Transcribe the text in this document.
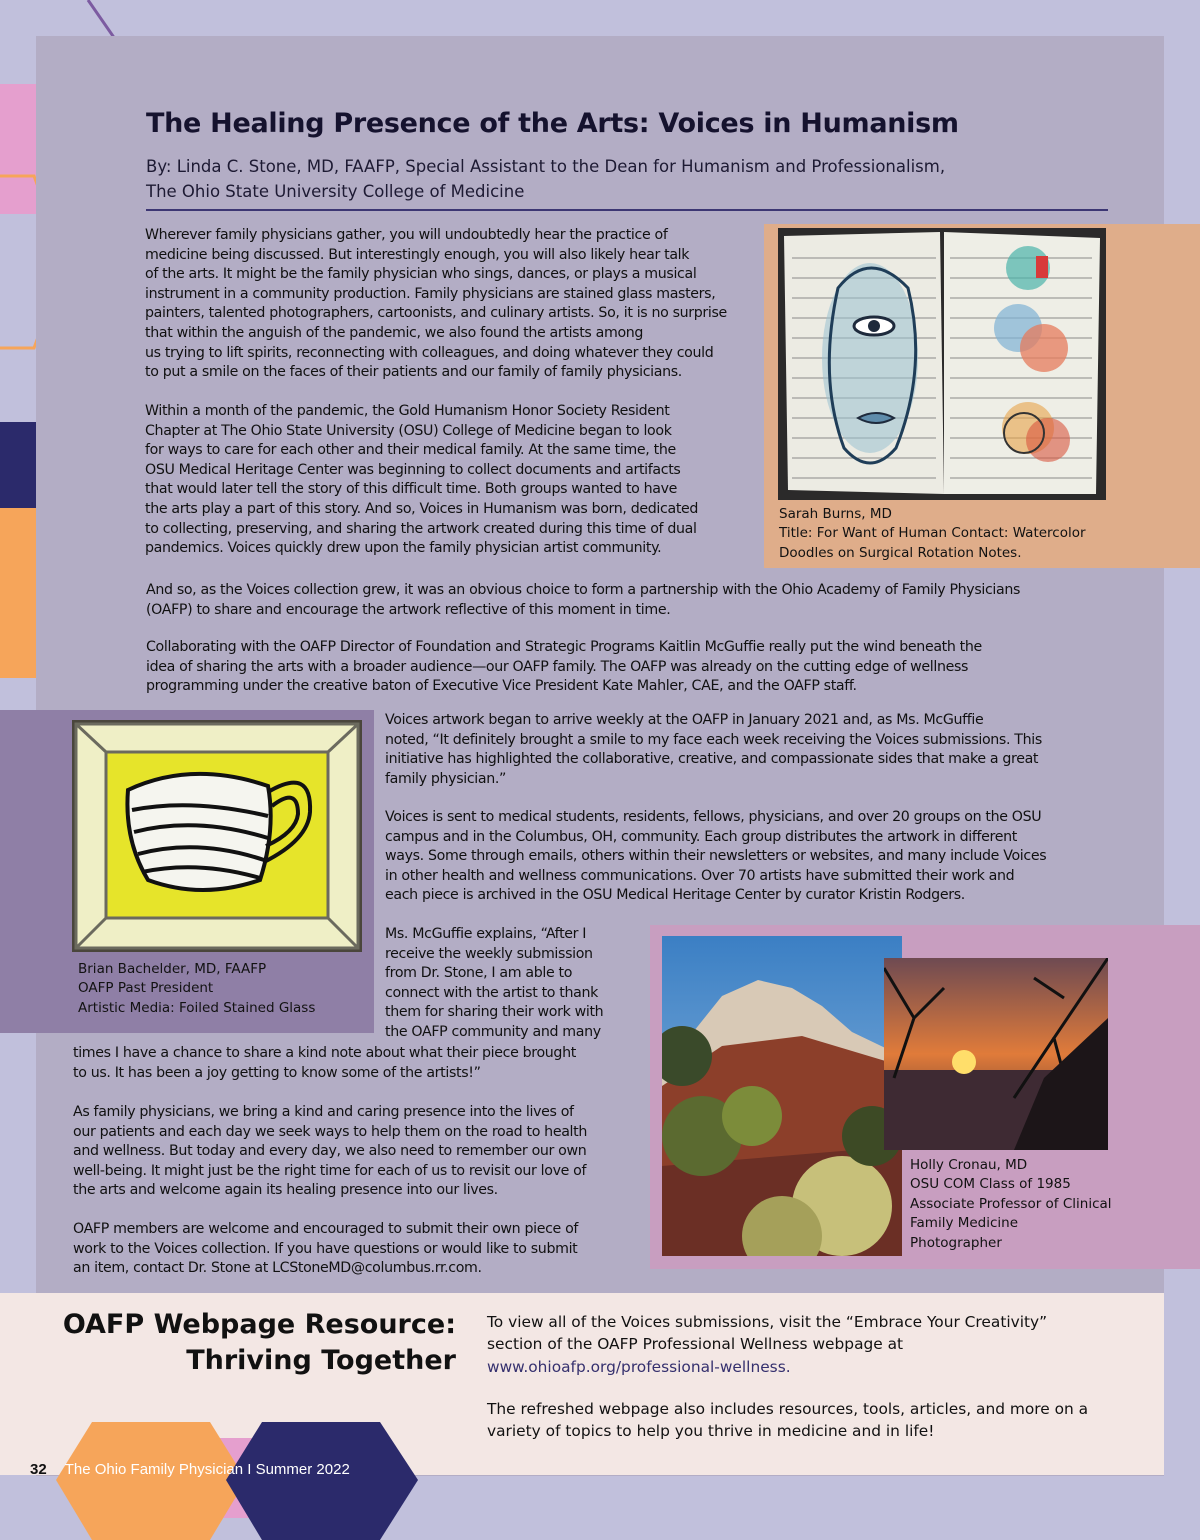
The Healing Presence of the Arts: Voices in Humanism
By: Linda C. Stone, MD, FAAFP, Special Assistant to the Dean for Humanism and Professionalism,
The Ohio State University College of Medicine
Sarah Burns, MD
Title: For Want of Human Contact: Watercolor
Doodles on Surgical Rotation Notes.
Wherever family physicians gather, you will undoubtedly hear the practice of
medicine being discussed. But interestingly enough, you will also likely hear talk
of the arts. It might be the family physician who sings, dances, or plays a musical
instrument in a community production. Family physicians are stained glass masters,
painters, talented photographers, cartoonists, and culinary artists. So, it is no surprise
that within the anguish of the pandemic, we also found the artists among
us trying to lift spirits, reconnecting with colleagues, and doing whatever they could
to put a smile on the faces of their patients and our family of family physicians.
Within a month of the pandemic, the Gold Humanism Honor Society Resident
Chapter at The Ohio State University (OSU) College of Medicine began to look
for ways to care for each other and their medical family. At the same time, the
OSU Medical Heritage Center was beginning to collect documents and artifacts
that would later tell the story of this difficult time. Both groups wanted to have
the arts play a part of this story. And so, Voices in Humanism was born, dedicated
to collecting, preserving, and sharing the artwork created during this time of dual
pandemics. Voices quickly drew upon the family physician artist community.
And so, as the Voices collection grew, it was an obvious choice to form a partnership with the Ohio Academy of Family Physicians
(OAFP) to share and encourage the artwork reflective of this moment in time.
Collaborating with the OAFP Director of Foundation and Strategic Programs Kaitlin McGuffie really put the wind beneath the
idea of sharing the arts with a broader audience—our OAFP family. The OAFP was already on the cutting edge of wellness
programming under the creative baton of Executive Vice President Kate Mahler, CAE, and the OAFP staff.
Brian Bachelder, MD, FAAFP
OAFP Past President
Artistic Media: Foiled Stained Glass
Voices artwork began to arrive weekly at the OAFP in January 2021 and, as Ms. McGuffie
noted, “It definitely brought a smile to my face each week receiving the Voices submissions. This
initiative has highlighted the collaborative, creative, and compassionate sides that make a great
family physician.”
Voices is sent to medical students, residents, fellows, physicians, and over 20 groups on the OSU
campus and in the Columbus, OH, community. Each group distributes the artwork in different
ways. Some through emails, others within their newsletters or websites, and many include Voices
in other health and wellness communications. Over 70 artists have submitted their work and
each piece is archived in the OSU Medical Heritage Center by curator Kristin Rodgers.
Ms. McGuffie explains, “After I
receive the weekly submission
from Dr. Stone, I am able to
connect with the artist to thank
them for sharing their work with
the OAFP community and many
times I have a chance to share a kind note about what their piece brought
to us. It has been a joy getting to know some of the artists!”
As family physicians, we bring a kind and caring presence into the lives of
our patients and each day we seek ways to help them on the road to health
and wellness. But today and every day, we also need to remember our own
well-being. It might just be the right time for each of us to revisit our love of
the arts and welcome again its healing presence into our lives.
OAFP members are welcome and encouraged to submit their own piece of
work to the Voices collection. If you have questions or would like to submit
an item, contact Dr. Stone at LCStoneMD@columbus.rr.com.
Holly Cronau, MD
OSU COM Class of 1985
Associate Professor of Clinical
Family Medicine
Photographer
OAFP Webpage Resource:
Thriving Together
To view all of the Voices submissions, visit the “Embrace Your Creativity”
section of the OAFP Professional Wellness webpage at
www.ohioafp.org/professional-wellness.
The refreshed webpage also includes resources, tools, articles, and more on a
variety of topics to help you thrive in medicine and in life!
32 The Ohio Family Physician I Summer 2022
